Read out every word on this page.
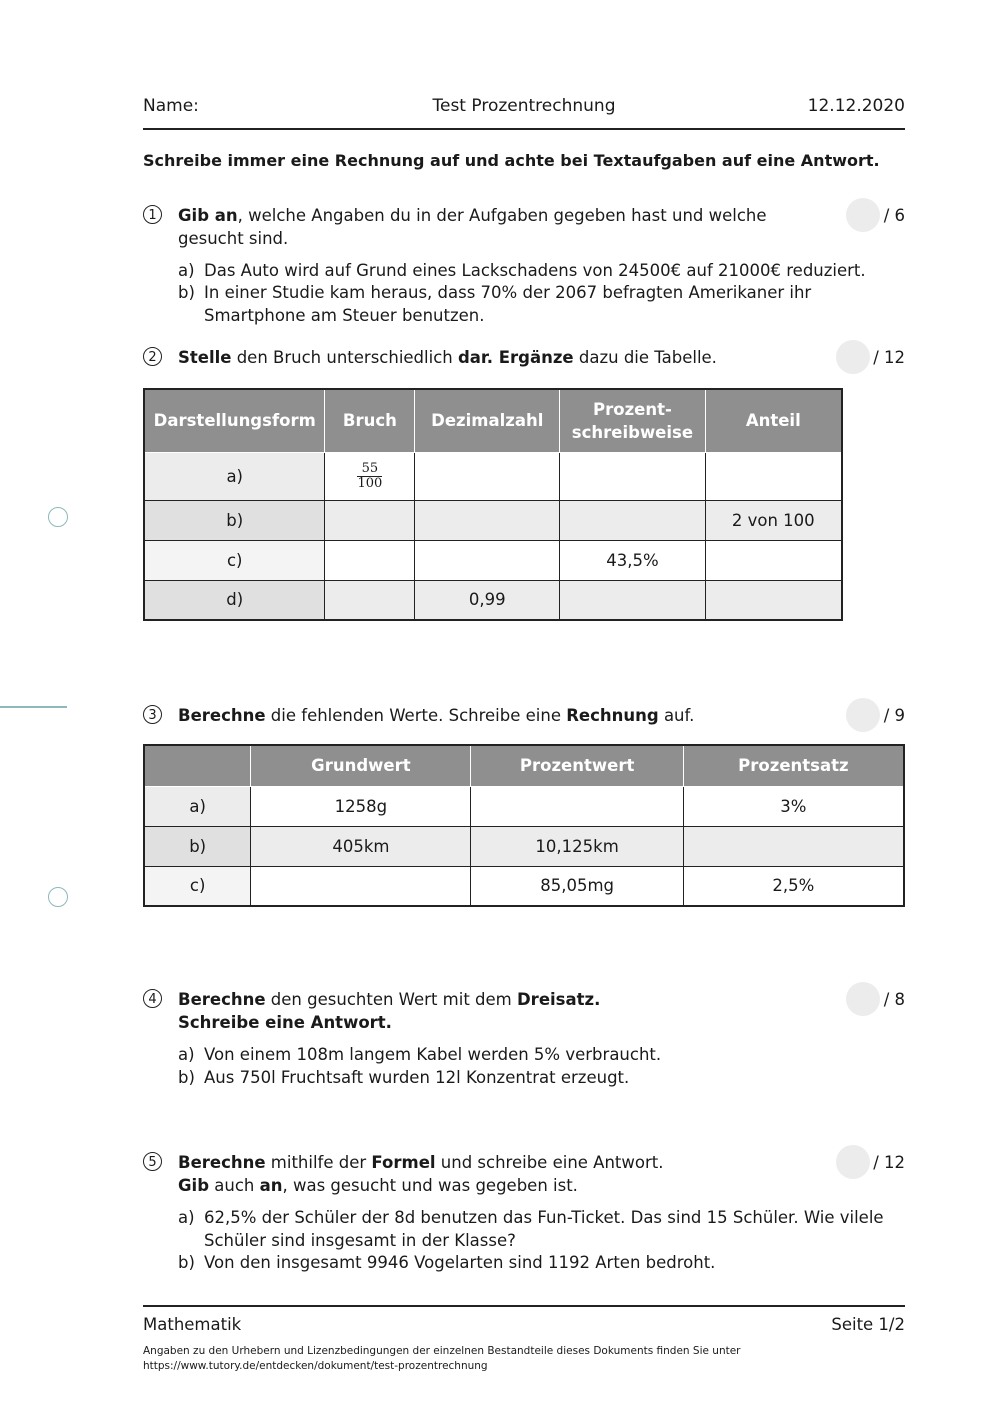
Name:	Test Prozentrechnung	12.12.2020
Schreibe immer eine Rechnung auf und achte bei Textaufgaben auf eine Antwort.
1	Gib an, welche Angaben du in der Aufgaben gegeben hast und welche gesucht sind.
/ 6
a) Das Auto wird auf Grund eines Lackschadens von 24500€ auf 21000€ reduziert.
b) In einer Studie kam heraus, dass 70% der 2067 befragten Amerikaner ihr Smartphone am Steuer benutzen.
2	Stelle den Bruch unterschiedlich dar. Ergänze dazu die Tabelle.	/ 12
Darstellungsform	Bruch	Dezimalzahl	Prozent-
schreibweise	Anteil
a)	$\frac{55}{100}$

b)				2 von 100
c)			43,5%	
d)		0,99		
3	Berechne die fehlenden Werte. Schreibe eine Rechnung auf.	/ 9
	Grundwert	Prozentwert	Prozentsatz
a)	1258g		3%
b)	405km	10,125km	
c)		85,05mg	2,5%
4	Berechne den gesuchten Wert mit dem Dreisatz.
Schreibe eine Antwort.
/ 8
a) Von einem 108m langem Kabel werden 5% verbraucht.
b) Aus 750l Fruchtsaft wurden 12l Konzentrat erzeugt.
5	Berechne mithilfe der Formel und schreibe eine Antwort.
Gib auch an, was gesucht und was gegeben ist.
/ 12
a) 62,5% der Schüler der 8d benutzen das Fun-Ticket. Das sind 15 Schüler. Wie vilele Schüler sind insgesamt in der Klasse?
b) Von den insgesamt 9946 Vogelarten sind 1192 Arten bedroht.
Mathematik	Seite 1/2
Angaben zu den Urhebern und Lizenzbedingungen der einzelnen Bestandteile dieses Dokuments finden Sie unter
https://www.tutory.de/entdecken/dokument/test-prozentrechnung
